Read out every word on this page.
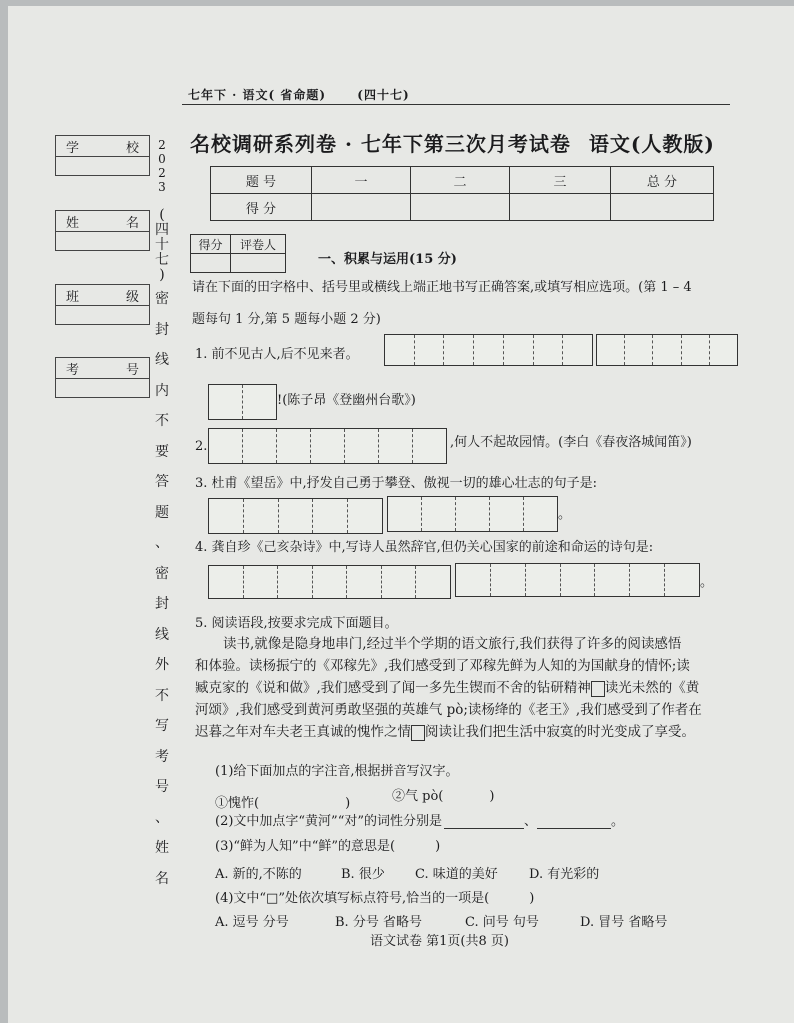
七年下 · 语文( 省命题)	(四十七)
名校调研系列卷 · 七年下第三次月考试卷 语文(人教版)
题 号	一	二	三	总 分
得 分				
学	校
姓	名
班	级
考	号
2
0
2
3
(
四
十
七
)
密
封
线
内
不
要
答
题
、
密
封
线
外
不
写
考
号
、
姓
名
得分	评卷人

一、积累与运用(15 分)
请在下面的田字格中、括号里或横线上端正地书写正确答案,或填写相应选项。(第 1 – 4
题每句 1 分,第 5 题每小题 2 分)
1. 前不见古人,后不见来者。
!(陈子昂《登幽州台歌》)
2.	,何人不起故园情。(李白《春夜洛城闻笛》)
3. 杜甫《望岳》中,抒发自己勇于攀登、傲视一切的雄心壮志的句子是:
。
4. 龚自珍《己亥杂诗》中,写诗人虽然辞官,但仍关心国家的前途和命运的诗句是:
。
5. 阅读语段,按要求完成下面题目。
读书,就像是隐身地串门,经过半个学期的语文旅行,我们获得了许多的阅读感悟
和体验。读杨振宁的《邓稼先》,我们感受到了邓稼先鲜为人知的为国献身的情怀;读
臧克家的《说和做》,我们感受到了闻一多先生锲而不舍的钻研精神 读光未然的《黄
河颂》,我们感受到黄河勇敢坚强的英雄气 pò;读杨绛的《老王》,我们感受到了作者在
迟暮之年对车夫老王真诚的愧怍之情 阅读让我们把生活中寂寞的时光变成了享受。
(1)给下面加点的字注音,根据拼音写汉字。
①愧怍(	)	②气 pò(	)
(2)文中加点字“黄河”“对”的词性分别是	、	。
(3)“鲜为人知”中“鲜”的意思是(	)
A. 新的,不陈的	B. 很少 C. 味道的美好 D. 有光彩的
(4)文中“□”处依次填写标点符号,恰当的一项是(	)
A. 逗号 分号	B. 分号 省略号	C. 问号 句号	D. 冒号 省略号
语文试卷 第1页(共8 页)
